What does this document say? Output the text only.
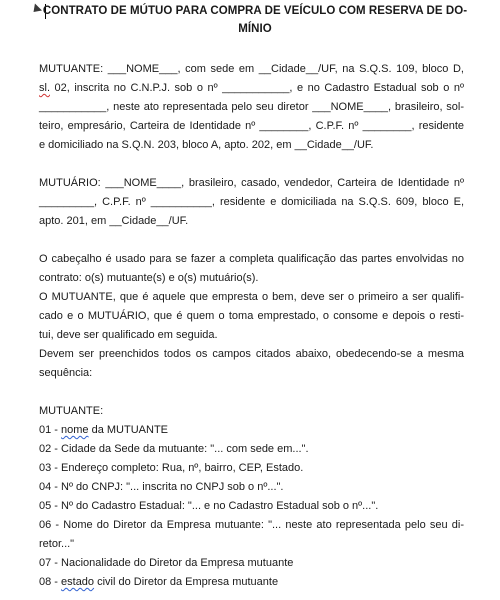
CONTRATO DE MÚTUO PARA COMPRA DE VEÍCULO COM RESERVA DE DO-
MÍNIO
MUTUANTE: ___NOME___, com sede em __Cidade__/UF, na S.Q.S. 109, bloco D,
sl. 02, inscrita no C.N.P.J. sob o nº ___________, e no Cadastro Estadual sob o nº
___________, neste ato representada pelo seu diretor ___NOME____, brasileiro, sol-
teiro, empresário, Carteira de Identidade nº ________, C.P.F. nº ________, residente
e domiciliado na S.Q.N. 203, bloco A, apto. 202, em __Cidade__/UF.
MUTUÁRIO: ___NOME____, brasileiro, casado, vendedor, Carteira de Identidade nº
_________, C.P.F. nº __________, residente e domiciliada na S.Q.S. 609, bloco E,
apto. 201, em __Cidade__/UF.
O cabeçalho é usado para se fazer a completa qualificação das partes envolvidas no
contrato: o(s) mutuante(s) e o(s) mutuário(s).
O MUTUANTE, que é aquele que empresta o bem, deve ser o primeiro a ser qualifi-
cado e o MUTUÁRIO, que é quem o toma emprestado, o consome e depois o resti-
tui, deve ser qualificado em seguida.
Devem ser preenchidos todos os campos citados abaixo, obedecendo-se a mesma
sequência:
MUTUANTE:
01 - nome da MUTUANTE
02 - Cidade da Sede da mutuante: "... com sede em...".
03 - Endereço completo: Rua, nº, bairro, CEP, Estado.
04 - Nº do CNPJ: "... inscrita no CNPJ sob o nº...".
05 - Nº do Cadastro Estadual: "... e no Cadastro Estadual sob o nº...".
06 - Nome do Diretor da Empresa mutuante: "... neste ato representada pelo seu di-
retor..."
07 - Nacionalidade do Diretor da Empresa mutuante
08 - estado civil do Diretor da Empresa mutuante
